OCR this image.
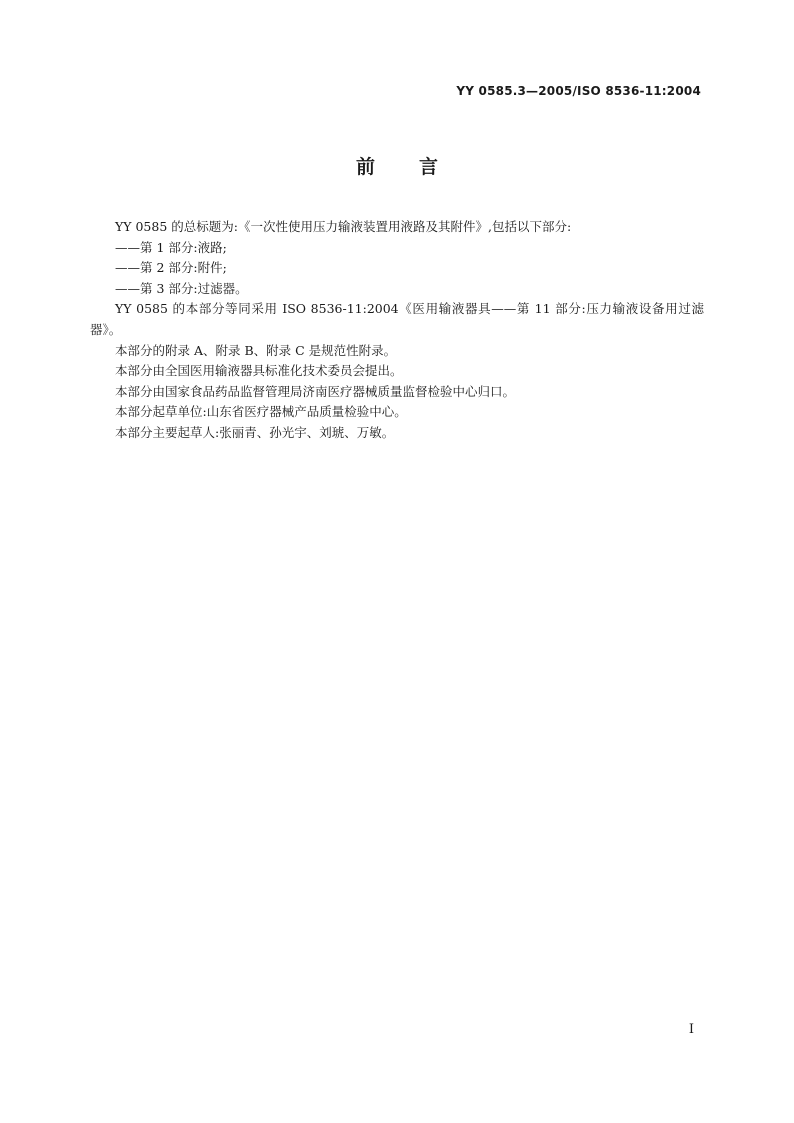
YY 0585.3—2005/ISO 8536-11:2004
前言

YY 0585 的总标题为:《一次性使用压力输液装置用液路及其附件》,包括以下部分:

——第 1 部分:液路;

——第 2 部分:附件;

——第 3 部分:过滤器。

YY 0585 的本部分等同采用 ISO 8536-11:2004《医用输液器具——第 11 部分:压力输液设备用过滤器》。

本部分的附录 A、附录 B、附录 C 是规范性附录。

本部分由全国医用输液器具标准化技术委员会提出。

本部分由国家食品药品监督管理局济南医疗器械质量监督检验中心归口。

本部分起草单位:山东省医疗器械产品质量检验中心。

本部分主要起草人:张丽青、孙光宇、刘琥、万敏。

I
